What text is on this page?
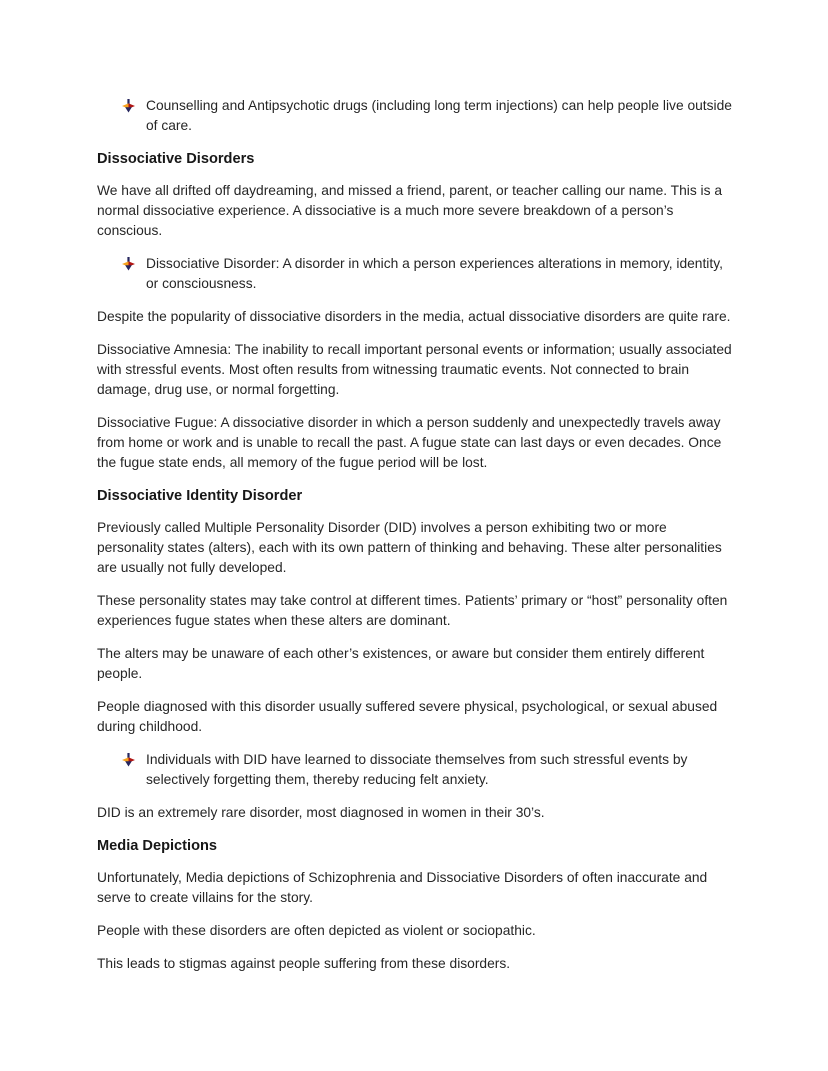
Counselling and Antipsychotic drugs (including long term injections) can help people live outside of care.
Dissociative Disorders

We have all drifted off daydreaming, and missed a friend, parent, or teacher calling our name. This is a normal dissociative experience. A dissociative is a much more severe breakdown of a person’s conscious.

Dissociative Disorder: A disorder in which a person experiences alterations in memory, identity, or consciousness.

Despite the popularity of dissociative disorders in the media, actual dissociative disorders are quite rare.

Dissociative Amnesia: The inability to recall important personal events or information; usually associated with stressful events. Most often results from witnessing traumatic events. Not connected to brain damage, drug use, or normal forgetting.

Dissociative Fugue: A dissociative disorder in which a person suddenly and unexpectedly travels away from home or work and is unable to recall the past. A fugue state can last days or even decades. Once the fugue state ends, all memory of the fugue period will be lost.

Dissociative Identity Disorder

Previously called Multiple Personality Disorder (DID) involves a person exhibiting two or more personality states (alters), each with its own pattern of thinking and behaving. These alter personalities are usually not fully developed.

These personality states may take control at different times. Patients’ primary or “host” personality often experiences fugue states when these alters are dominant.

The alters may be unaware of each other’s existences, or aware but consider them entirely different people.

People diagnosed with this disorder usually suffered severe physical, psychological, or sexual abused during childhood.

Individuals with DID have learned to dissociate themselves from such stressful events by selectively forgetting them, thereby reducing felt anxiety.

DID is an extremely rare disorder, most diagnosed in women in their 30’s.

Media Depictions

Unfortunately, Media depictions of Schizophrenia and Dissociative Disorders of often inaccurate and serve to create villains for the story.

People with these disorders are often depicted as violent or sociopathic.

This leads to stigmas against people suffering from these disorders.
